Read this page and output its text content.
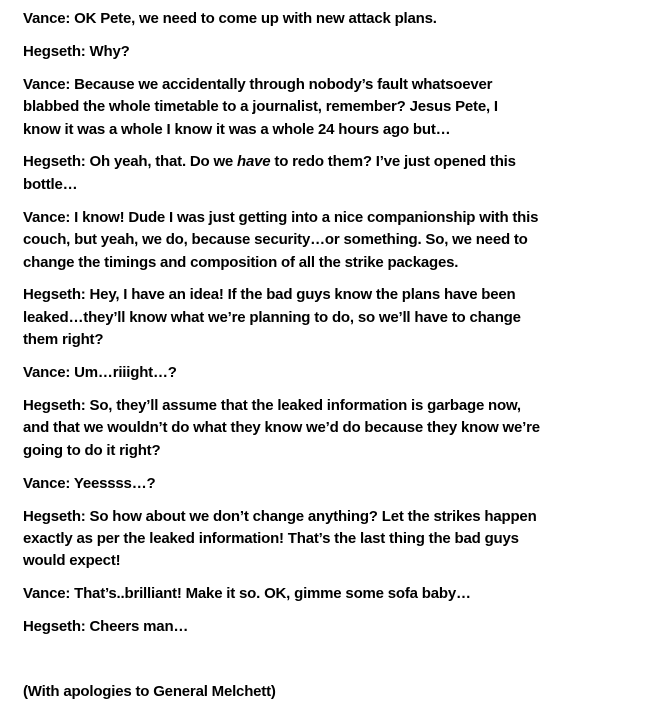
Vance: OK Pete, we need to come up with new attack plans.
Hegseth: Why?
Vance: Because we accidentally through nobody’s fault whatsoever
blabbed the whole timetable to a journalist, remember? Jesus Pete, I
know it was a whole I know it was a whole 24 hours ago but…
Hegseth: Oh yeah, that. Do we have to redo them? I’ve just opened this
bottle…
Vance: I know! Dude I was just getting into a nice companionship with this
couch, but yeah, we do, because security…or something. So, we need to
change the timings and composition of all the strike packages.
Hegseth: Hey, I have an idea! If the bad guys know the plans have been
leaked…they’ll know what we’re planning to do, so we’ll have to change
them right?
Vance: Um…riiight…?
Hegseth: So, they’ll assume that the leaked information is garbage now,
and that we wouldn’t do what they know we’d do because they know we’re
going to do it right?
Vance: Yeessss…?
Hegseth: So how about we don’t change anything? Let the strikes happen
exactly as per the leaked information! That’s the last thing the bad guys
would expect!
Vance: That’s..brilliant! Make it so. OK, gimme some sofa baby…
Hegseth: Cheers man…
(With apologies to General Melchett)
